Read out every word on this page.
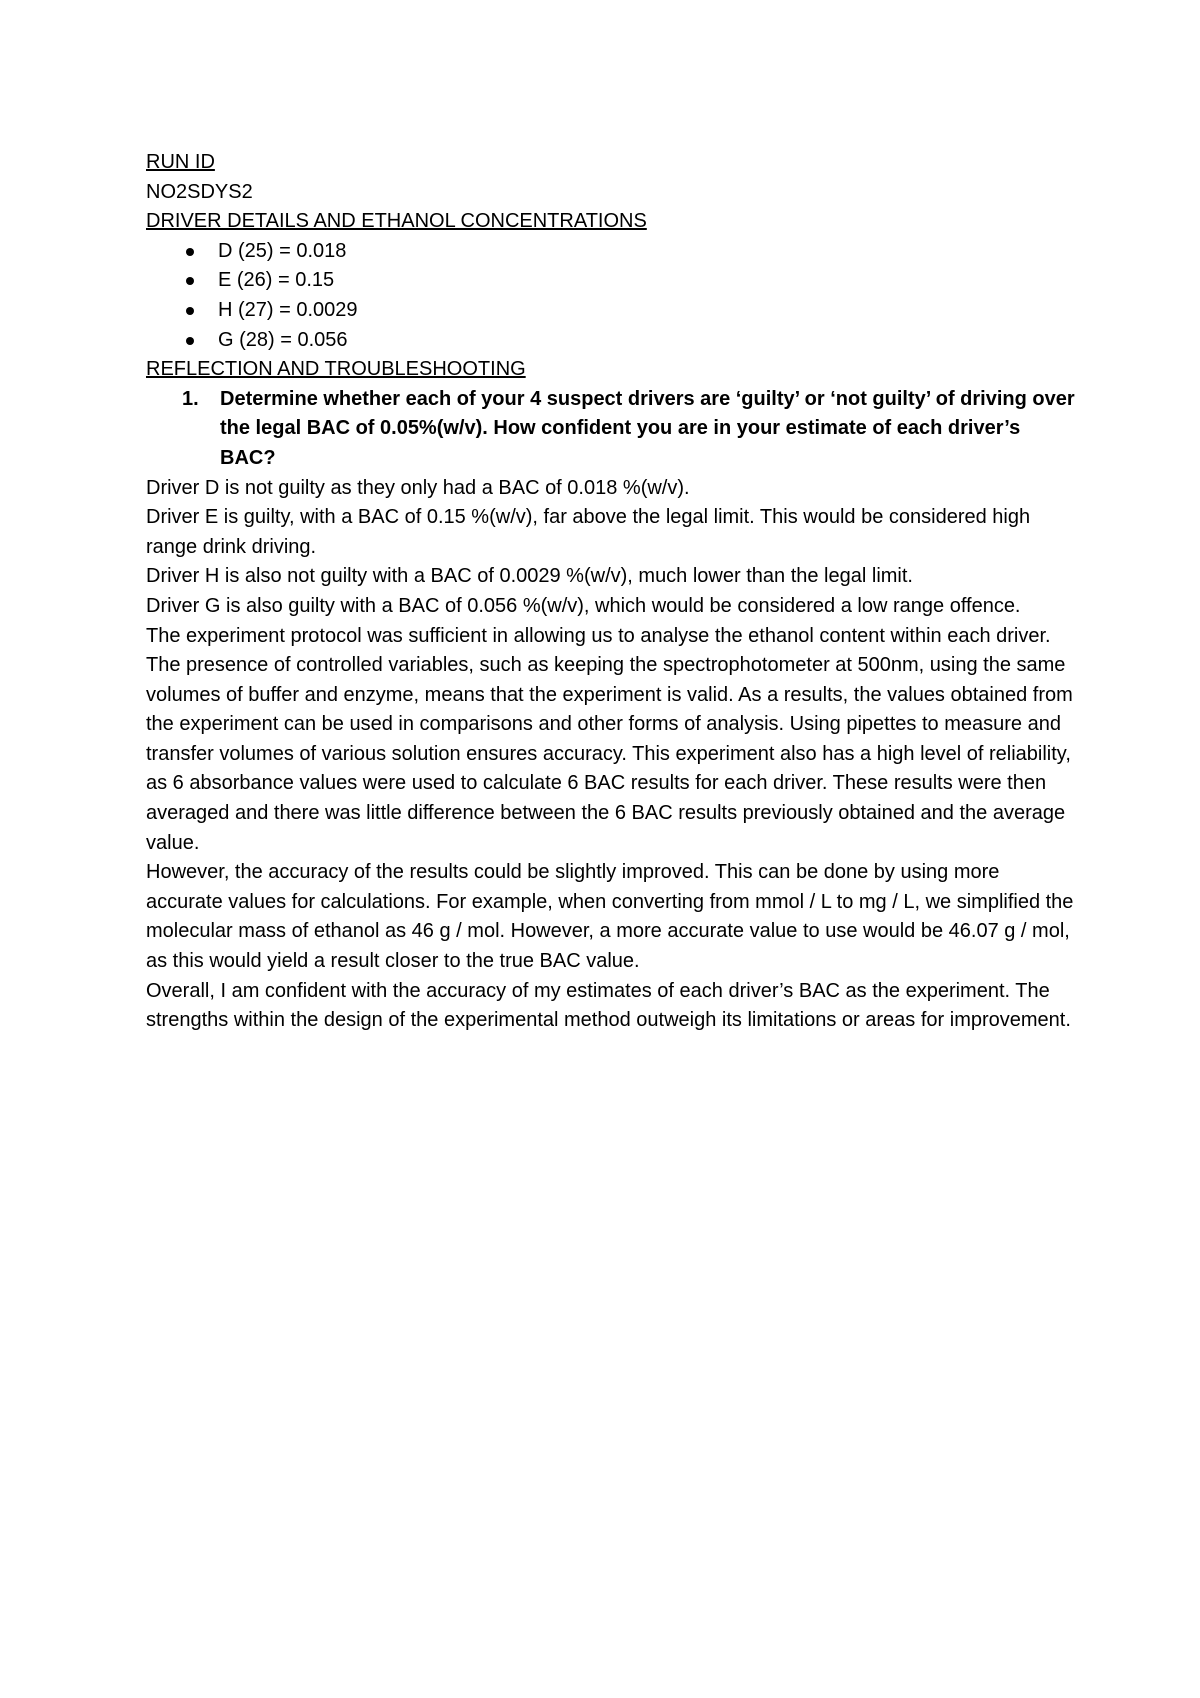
RUN ID

NO2SDYS2

DRIVER DETAILS AND ETHANOL CONCENTRATIONS

D (25) = 0.018
E (26) = 0.15
H (27) = 0.0029
G (28) = 0.056

REFLECTION AND TROUBLESHOOTING

1. Determine whether each of your 4 suspect drivers are ‘guilty’ or ‘not guilty’ of driving over the legal BAC of 0.05%(w/v). How confident you are in your estimate of each driver’s BAC?

Driver D is not guilty as they only had a BAC of 0.018 %(w/v).

Driver E is guilty, with a BAC of 0.15 %(w/v), far above the legal limit. This would be considered high range drink driving.

Driver H is also not guilty with a BAC of 0.0029 %(w/v), much lower than the legal limit.

Driver G is also guilty with a BAC of 0.056 %(w/v), which would be considered a low range offence.

The experiment protocol was sufficient in allowing us to analyse the ethanol content within each driver. The presence of controlled variables, such as keeping the spectrophotometer at 500nm, using the same volumes of buffer and enzyme, means that the experiment is valid. As a results, the values obtained from the experiment can be used in comparisons and other forms of analysis. Using pipettes to measure and transfer volumes of various solution ensures accuracy. This experiment also has a high level of reliability, as 6 absorbance values were used to calculate 6 BAC results for each driver. These results were then averaged and there was little difference between the 6 BAC results previously obtained and the average value.

However, the accuracy of the results could be slightly improved. This can be done by using more accurate values for calculations. For example, when converting from mmol / L to mg / L, we simplified the molecular mass of ethanol as 46 g / mol. However, a more accurate value to use would be 46.07 g / mol, as this would yield a result closer to the true BAC value.

Overall, I am confident with the accuracy of my estimates of each driver’s BAC as the experiment. The strengths within the design of the experimental method outweigh its limitations or areas for improvement.
